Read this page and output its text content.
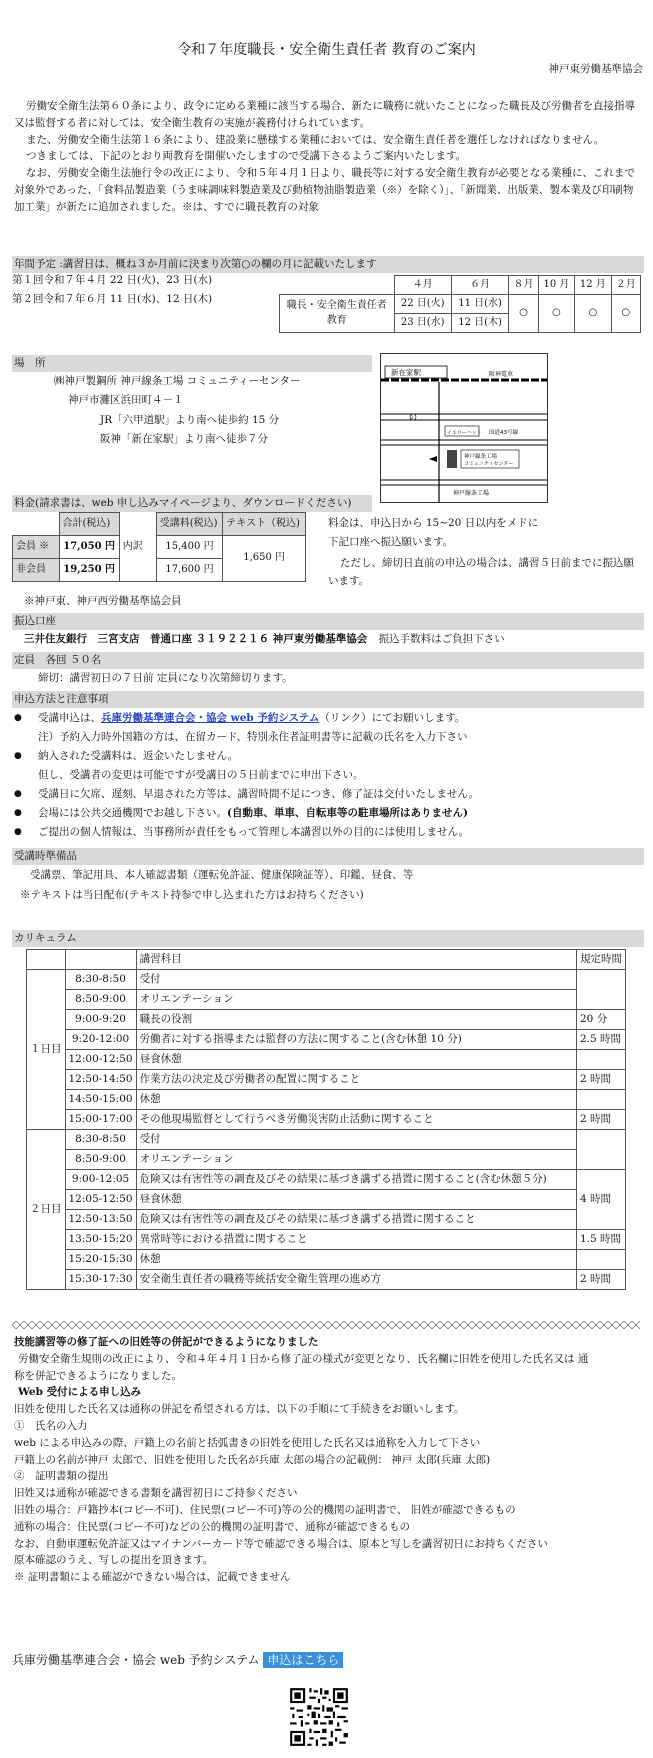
令和７年度職長・安全衛生責任者 教育のご案内
神戸東労働基準協会

労働安全衛生法第６０条により、政令に定める業種に該当する場合、新たに職務に就いたことになった職長及び労働者を直接指導又は監督する者に対しては、安全衛生教育の実施が義務付けられています。

また、労働安全衛生法第１６条により、建設業に懸様する業種においては、安全衛生責任者を選任しなければなりません。

つきましては、下記のとおり両教育を開催いたしますので受講下さるようご案内いたします。

なお、労働安全衛生法施行令の改正により、令和５年４月１日より、職長等に対する安全衛生教育が必要となる業種に、これまで対象外であった、「食料品製造業（うま味調味料製造業及び動植物油脂製造業（※）を除く）」、「新聞業、出版業、製本業及び印刷物加工業」が新たに追加されました。※は、すでに職長教育の対象

年間予定 :講習日は、概ね３か月前に決まり次第○の欄の月に記載いたします
第１回令和７年４月 22 日(火)、23 日(水)
第２回令和７年６月 11 日(水)、12 日(木)
	４月	６月	８月	10 月	12 月	２月
職長・安全衛生責任者教育	22 日(火)	11 日(水)	○	○	○	○
	23 日(水)	12 日(木)				
場　所
㈱神戸製鋼所 神戸線条工場 コミュニティーセンター
神戸市灘区浜田町４－１
JR「六甲道駅」より南へ徒歩約 15 分
阪神「新在家駅」より南へ徒歩７分
新在家駅	阪神電車
2
イエローハット 国道43号線
神戸線条工場
コミュニティセンター
神戸線条工場
料金(請求書は、web 申し込みマイページより、ダウンロードください)
	合計(税込)		受講料(税込)	テキスト（税込)
会員 ※	17,050 円	内訳	15,400 円	1,650 円
非会員	19,250 円		17,600 円	
料金は、申込日から 15~20 日以内をメドに
下記口座へ振込願います。
ただし、締切日直前の申込の場合は、講習５日前までに振込願います。
※神戸東、神戸西労働基準協会員
振込口座
三井住友銀行　三宮支店　普通口座 ３１９２２１６ 神戸東労働基準協会 振込手数料はご負担下さい
定員　各回 ５０名
締切：講習初日の７日前 定員になり次第締切ります。
申込方法と注意事項
● 受講申込は、兵庫労働基準連合会・協会 web 予約システム（リンク）にてお願いします。
注）予約入力時外国籍の方は、在留カード、特別永住者証明書等に記載の氏名を入力下さい
● 納入された受講料は、返金いたしません。
但し、受講者の変更は可能ですが受講日の５日前までに申出下さい。
● 受講日に欠席、遅刻、早退された方等は、講習時間不足につき、修了証は交付いたしません。
● 会場には公共交通機関でお越し下さい。(自動車、単車、自転車等の駐車場所はありません)
● ご提出の個人情報は、当事務所が責任をもって管理し本講習以外の目的には使用しません。
受講時準備品
受講票、筆記用具、本人確認書類（運転免許証、健康保険証等）、印鑑、昼食、等
※テキストは当日配布(テキスト持参で申し込まれた方はお持ちください)
カリキュラム
		講習科目	規定時間
１日目	8:30-8:50	受付	
	8:50-9:00	オリエンテーション	
	9:00-9:20	職長の役割	20 分
	9:20-12:00	労働者に対する指導または監督の方法に関すること(含む休憩 10 分)	2.5 時間
	12:00-12:50	昼食休憩	
	12:50-14:50	作業方法の決定及び労働者の配置に関すること	2 時間
	14:50-15:00	休憩	
	15:00-17:00	その他現場監督として行うべき労働災害防止活動に関すること	2 時間
２日目	8:30-8:50	受付	
	8:50-9:00	オリエンテーション	
	9:00-12:05	危険又は有害性等の調査及びその結果に基づき講ずる措置に関すること(含む休憩５分)	4 時間
	12:05-12:50	昼食休憩	
	12:50-13:50	危険又は有害性等の調査及びその結果に基づき講ずる措置に関すること	
	13:50-15:20	異常時等における措置に関すること	1.5 時間
	15:20-15:30	休憩	
	15:30-17:30	安全衛生責任者の職務等統括安全衛生管理の進め方	2 時間
技能講習等の修了証への旧姓等の併記ができるようになりました
労働安全衛生規則の改正により、令和４年４月１日から修了証の様式が変更となり、氏名欄に旧姓を使用した氏名又は 通
称を併記できるようになりました。
Web 受付による申し込み
旧姓を使用した氏名又は通称の併記を希望される方は、以下の手順にて手続きをお願いします。
①　氏名の入力
web による申込みの際、戸籍上の名前と括弧書きの旧姓を使用した氏名又は通称を入力して下さい
戸籍上の名前が神戸 太郎で、旧姓を使用した氏名が兵庫 太郎の場合の記載例： 神戸 太郎(兵庫 太郎)
②　証明書類の提出
旧姓又は通称が確認できる書類を講習初日にご持参ください
旧姓の場合：戸籍抄本(コピー不可)、住民票(コピー不可)等の公的機関の証明書で、 旧姓が確認できるもの
通称の場合：住民票(コピー不可)などの公的機関の証明書で、通称が確認できるもの
なお、自動車運転免許証又はマイナンバーカード等で確認できる場合は、原本と写しを講習初日にお持ちください
原本確認のうえ、写しの提出を頂きます。
※ 証明書類による確認ができない場合は、記載できません
兵庫労働基準連合会・協会 web 予約システム 申込はこちら
